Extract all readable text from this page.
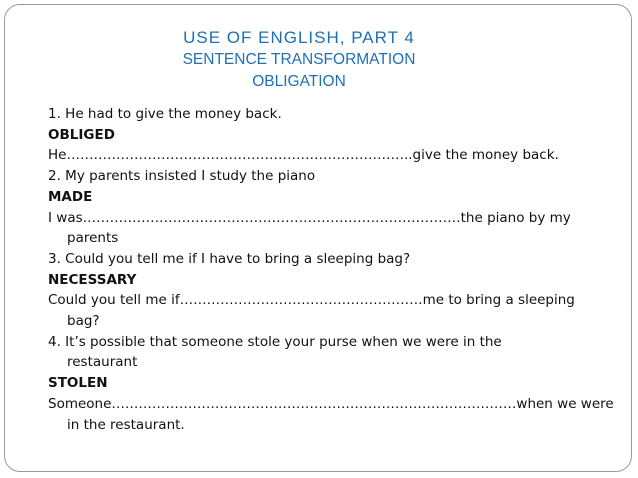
USE OF ENGLISH, PART 4
SENTENCE TRANSFORMATION
OBLIGATION
1. He had to give the money back.
OBLIGED
He…………………………………………………………………..give the money back.
2. My parents insisted I study the piano
MADE
I was…………………………………………………………………………the piano by my
parents
3. Could you tell me if I have to bring a sleeping bag?
NECESSARY
Could you tell me if………………………………………………me to bring a sleeping
bag?
4. It’s possible that someone stole your purse when we were in the
restaurant
STOLEN
Someone………………………………………………………………………………when we were
in the restaurant.
